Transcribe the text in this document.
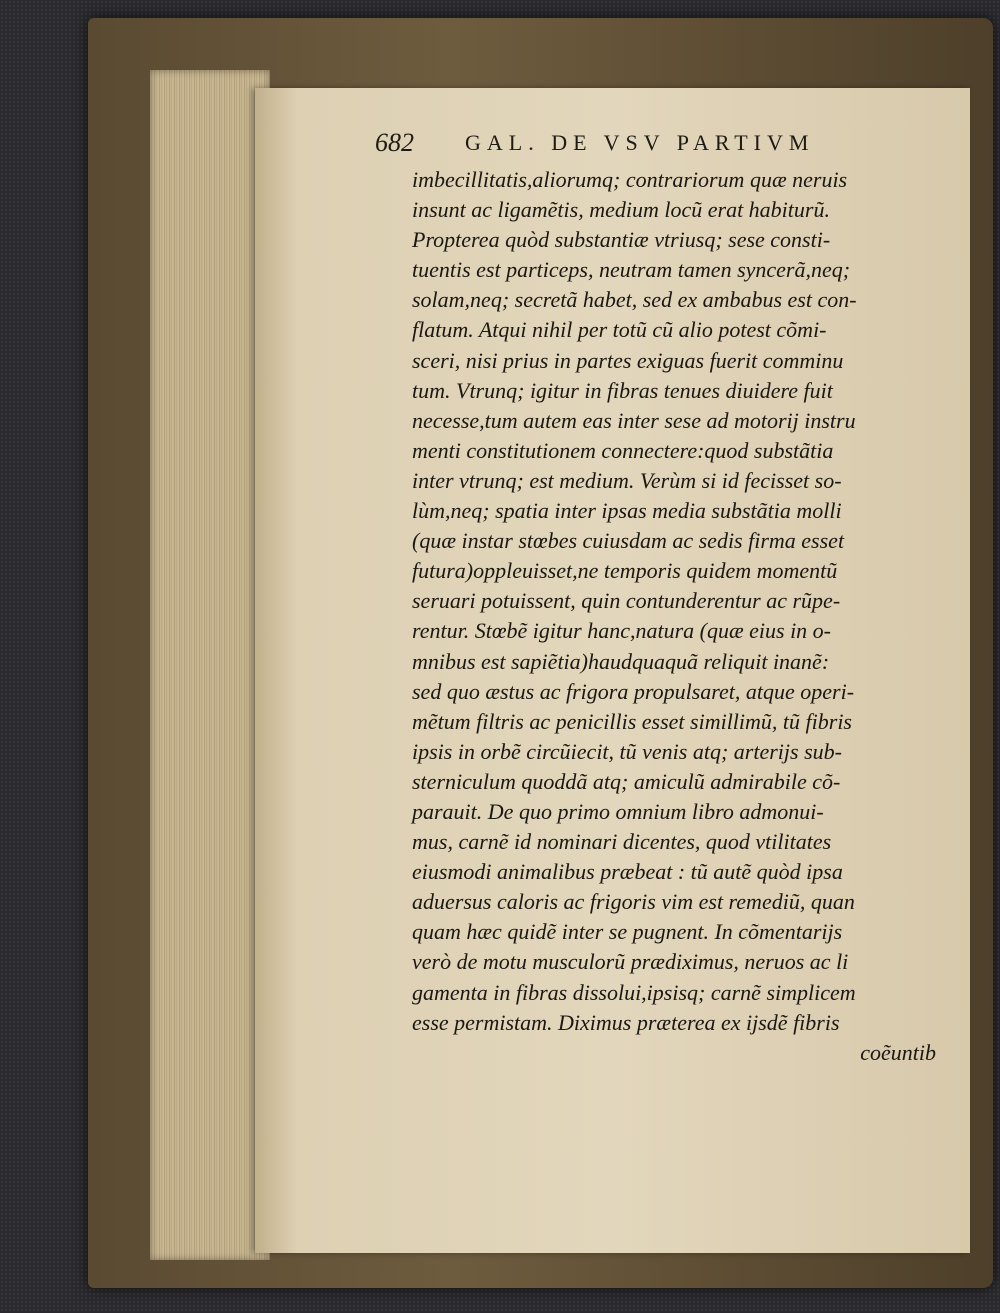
682 GAL. DE VSV PARTIVM
imbecillitatis,aliorumq; contrariorum quæ neruis
insunt ac ligamẽtis, medium locũ erat habiturũ.
Propterea quòd substantiæ vtriusq; sese consti-
tuentis est particeps, neutram tamen syncerã,neq;
solam,neq; secretã habet, sed ex ambabus est con-
flatum. Atqui nihil per totũ cũ alio potest cõmi-
sceri, nisi prius in partes exiguas fuerit comminu
tum. Vtrunq; igitur in fibras tenues diuidere fuit
necesse,tum autem eas inter sese ad motorij instru
menti constitutionem connectere:quod substãtia
inter vtrunq; est medium. Verùm si id fecisset so-
lùm,neq; spatia inter ipsas media substãtia molli
(quæ instar stœbes cuiusdam ac sedis firma esset
futura)oppleuisset,ne temporis quidem momentũ
seruari potuissent, quin contunderentur ac rũpe-
rentur. Stœbẽ igitur hanc,natura (quæ eius in o-
mnibus est sapiẽtia)haudquaquã reliquit inanẽ:
sed quo æstus ac frigora propulsaret, atque operi-
mẽtum filtris ac penicillis esset simillimũ, tũ fibris
ipsis in orbẽ circũiecit, tũ venis atq; arterijs sub-
sterniculum quoddã atq; amiculũ admirabile cõ-
parauit. De quo primo omnium libro admonui-
mus, carnẽ id nominari dicentes, quod vtilitates
eiusmodi animalibus præbeat : tũ autẽ quòd ipsa
aduersus caloris ac frigoris vim est remediũ, quan
quam hæc quidẽ inter se pugnent. In cõmentarijs
verò de motu musculorũ prædiximus, neruos ac li
gamenta in fibras dissolui,ipsisq; carnẽ simplicem
esse permistam. Diximus præterea ex ijsdẽ fibris
coẽuntib
